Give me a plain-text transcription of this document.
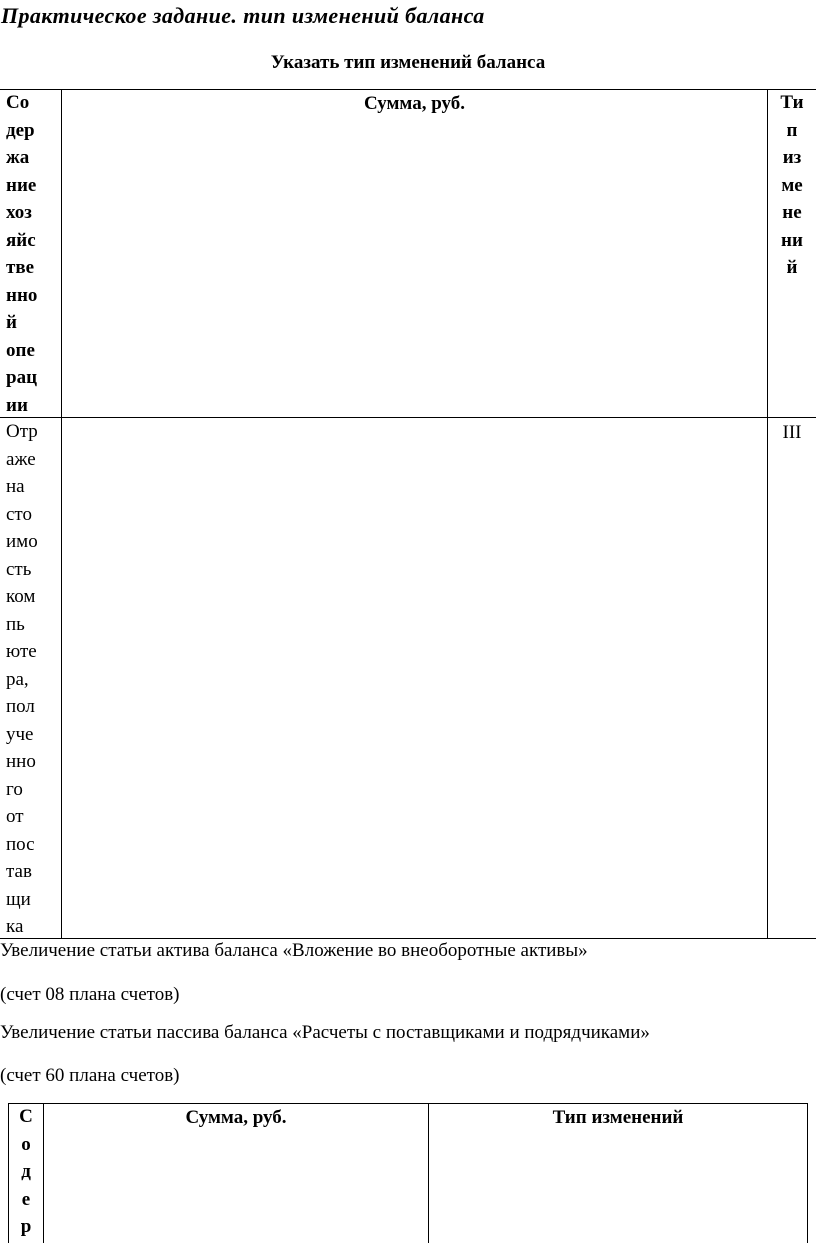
Практическое задание. тип изменений баланса
Указать тип изменений баланса
Со
дер
жа
ние
хоз
яйс
тве
нно
й
опе
рац
ии
Сумма, руб.	Ти
п
из
ме
не
ни
й
Отр
аже
на
сто
имо
сть
ком
пь
юте
ра,
пол
уче
нно
го
от
пос
тав
щи
ка
III
Увеличение статьи актива баланса «Вложение во внеоборотные активы»
(счет 08 плана счетов)
Увеличение статьи пассива баланса «Расчеты с поставщиками и подрядчиками»
(счет 60 плана счетов)
С
о
д
е
р
Сумма, руб.	Тип изменений
